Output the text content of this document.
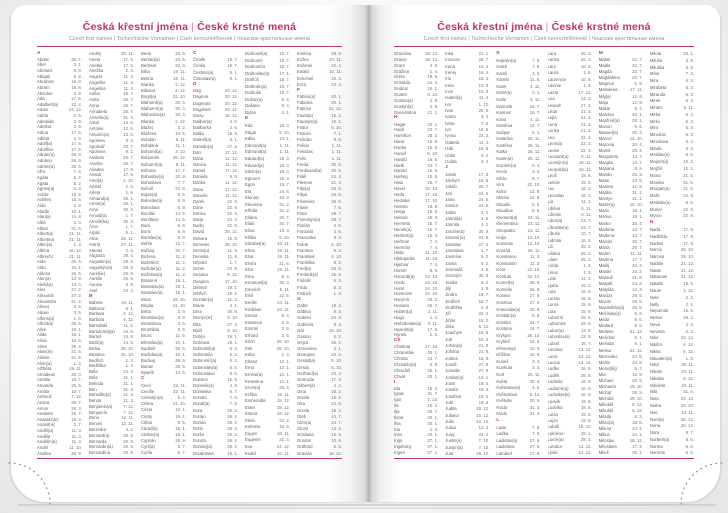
Česká křestní jména | České krstné mená
Czech first names | Tschechische Vornamen | Cseh keresztelőnevek | Чешские крестильные имена
A
Abdon	30. 7.
Ábel	2. 1.
Abelard	5. 8.
Abigail	5. 8.
Abraham	16. 8.
Abram	16. 8.
Absolon	2. 9.
Ada	17. 6.
Adalbert(a)	23. 4.
Adam	24. 12.
Adéla	2. 9.
Adelaida	2. 9.
Adelina	2. 9.
Adina	17. 6.
Adléta	2. 9.
Adolf(a)	17. 6.
Adolfína	17. 6.
Adrian(a)	26. 8.
Adriána	26. 6.
Adrien(a)	26. 6.
Afra	7. 8.
Agáta	5. 2.
Agata	5. 2.
Agnes(a)	2. 3.
Achác	15. 5.
Achiles	15. 5.
Aida	2. 9.
Aladár	10. 1.
Alan(a)	14. 8.
Alba	1. 3.
Alban	21. 6.
Albert(a)	21. 11.
Albertina	21. 11.
Albín(a)	1. 3.
Albína	16. 12.
Albrecht	21. 11.
Alda	26. 5.
Aldo	10. 1.
Aldona	26. 5.
Alen(a)	13. 8.
Aleš(ka)	13. 4.
Alex	27. 2.
Alexandr	27. 2.
Alexandra	21. 4.
Alexej	3. 5.
Alexie	3. 5.
Alfons(a)	1. 8.
Alfréd(a)	26. 5.
Alice	15. 1.
Alida	15. 1.
Alina	16. 6.
Alma	25. 4.
Alois(ie)	21. 6.
Aloisie	21. 6.
Alvín(a)	1. 3.
Alžběta	19. 11.
Amadeus	30. 3.
Amálie	10. 7.
Amanda	26. 5.
Amáta	10. 7.
Ambrož	7. 12.
Amina	26. 7.
Amos	28. 3.
Anabela	26. 7.
Anastáz(ie)	15. 4.
Anatol(ie)	3. 7.
Anděl(a)	11. 3.
Anděla	11. 3.
Andělín(a)	11. 3.
André	11. 10.
Andrea	26. 9.
Andrej	30. 11.
Aneta	17. 5.
Anetka	17. 5.
Anežka	2. 3.
Angela	11. 3.
Angelika	11. 3.
Angelina	11. 3.
Anika	26. 7.
Anita	26. 7.
Anna	26. 7.
Annabela	26. 7.
Anselm(a)	21. 4.
Antal	13. 6.
Antonie	12. 6.
Antonín(a)	13. 6.
Apolena	9. 2.
Apolinář	23. 7.
Apolonie	9. 2.
Arabela	26. 7.
Aranka	26. 7.
Ariadna	17. 9.
Ariana	17. 9.
Ariel(a)	1. 10.
Aristid	2. 5.
Arleta	1. 8.
Armand(a)	26. 1.
Armin(a)	26. 1.
Arne	30. 3.
Arnold(a)	1. 7.
Arnošt(ka)	30. 3.
Áron	1. 7.
Arpád	5. 1.
Artur	26. 11.
Astrid	27. 11.
Atanas	2. 5.
Augusta	29. 4.
Augustin(a)	28. 8.
Augustýn(a)	28. 8.
Aurel(ie)	25. 9.
Aurélie	25. 9.
Aurora	8. 9.
Axel	24. 3.
B
Babeta	19. 11.
Baltazar	6. 1.
Barbara	4. 12.
Barbora	4. 12.
Barnabáš	11. 6.
Bartoloměj(a)	24. 8.
Bartoš	24. 8.
Bazil(a)	14. 6.
Beáta	25. 10.
Beatrice	25. 10.
Bedřich	1. 3.
Bedřiška	1. 3.
Béla	23. 4.
Běla	21. 1.
Belinda	21. 1.
Ben	31. 3.
Benedikt(a)	21. 3.
Benita	21. 3.
Benjamin(a)	7. 12.
Benjamín	7. 12.
Beno	12. 11.
Benoni	12. 11.
Berenika	4. 2.
Bernard(a)	20. 8.
Bernarda	20. 8.
Bernardin(a)	20. 5.
Bernardina	20. 8.
Berta	23. 9.
Bertold(a)	23. 9.
Bertram	23. 9.
Běta	19. 11.
Betina	19. 11.
Bianka	2. 12.
Bibiana	2. 12.
Birgit(a)	21. 10.
Blahomil(a)	30. 4.
Blahomír(a)	30. 4.
Blahoslav(a)	30. 4.
Blanka	2. 12.
Blažej	3. 2.
Blažena	10. 5.
Bohdan	9. 11.
Bohdana	11. 1.
Bohumil(a)	3. 10.
Bohumila	28. 12.
Bohumír(a)	8. 11.
Bohuna	17. 7.
Bohuslav(a)	22. 8.
Bohuslava	7. 7.
Bohuš	22. 8.
Bojan(a)	5. 5.
Boleslav(a)	6. 9.
Boleslava	6. 9.
Bonifác	14. 5.
Bonifácie	14. 5.
Bora	5. 9.
Boris	5. 9.
Borislav(a)	5. 9.
Bořek	12. 7.
Bořivoj	30. 7.
Božena	11. 2.
Božetěch	11. 2.
Božidar(a)	11. 2.
Božislav(a)	11. 2.
Branimír	18. 1.
Branislav(a)	18. 1.
Bratislav(a)	18. 1.
Brian	28. 10.
Brigita	21. 10.
Britta	2. 9.
Bronislav(a)	3. 9.
Bronislava	3. 9.
Brunhilda	9. 6.
Bruno	11. 6.
Břetislav(a)	10. 1.
Budimír	26. 5.
Budislav(a)	10. 1.
Budivoj	26. 9.
Burian	26. 9.
Bystrík	14. 5.
C
Cecil	22. 11.
Cecílie	22. 11.
Celestýn(a)	6. 4.
Celina	21. 10.
Cézar	10. 1.
Cindy	16. 1.
Ctibor	9. 5.
Ctirad(a)	16. 1.
Ctislav(a)	16. 1.
Cyprián	26. 9.
Cyril(a)	5. 7.
Cyrila	5. 7.
Č
Čeněk	19. 7.
Čenka	19. 7.
Čestmír(a)	8. 1.
Čistoslav(a)	8. 1.
D
Dag	20. 12.
Dagmar	20. 12.
Dagmara	20. 12.
Dagobert	20. 12.
Daisy	16. 12.
Dalibor(a)	4. 6.
Daliborka	4. 6.
Dalila	15. 9.
Dalimil(a)	5. 1.
Damián(a)	27. 9.
Dan	17. 12.
Dana	11. 12.
Danica	11. 12.
Daniel	17. 12.
Daniela	9. 9.
Danka	11. 12.
Dano	17. 12.
Danuše	11. 12.
Darek	22. 9.
Dárie	22. 9.
Darina	22. 9.
Darja	10. 4.
Darko	22. 9.
David	30. 12.
Debora	15. 9.
Demeter	26. 10.
Denis(a)	11. 9.
Deniska	11. 9.
Děpold	1. 7.
Derek	22. 9.
Desana	9. 12.
Despina	17. 10.
Dětmar	19. 2.
Dětřich	19. 2.
Dezider(a)	11. 2.
Diana	4. 1.
Dina	26. 8.
Dionýz(ie)	9. 10.
Dita	27. 3.
Diviš	9. 10.
Dobra	19. 1.
Dobrava	19. 1.
Dobromil(a)	5. 2.
Dobromila	5. 2.
Dobromír(a)	5. 2.
Dobroslav(a)	5. 6.
Dobroslava	5. 6.
Dolores	15. 9.
Dominik(a)	4. 8.
Dominika	6. 7.
Donald	7. 8.
Donát(a)	7. 8.
Dora	26. 2.
Dorian	26. 2.
Dorina	26. 2.
Doris	26. 2.
Dorka	26. 2.
Dorota	26. 2.
Dorotej(a)	26. 2.
Doubravka	19. 1.
Drahomil(a)	18. 7.
Drahomír	18. 7.
Drahomíra	18. 7.
Drahoslav(a)	17. 1.
Drahoš	18. 7.
Drahotín(a)	18. 7.
Drahuše	18. 7.
Dušan(a)	9. 4.
Dušana	9. 4.
Dylan	4. 1.
E
Eda	18. 3.
Edgar	5. 10.
Edita	13. 1.
Edmond(a)	1. 11.
Edmund(a)	1. 11.
Eduard(a)	18. 3.
Edvard(a)	18. 3.
Edvin(a)	18. 3.
Egmont	18. 3.
Egon	15. 7.
Ela	24. 6.
Elen(a)	16. 3.
Eleonora	21. 2.
Elfrída	21. 2.
Eliana	20. 7.
Eliáš	20. 7.
Elina	16. 3.
Eliška	5. 10.
Elizabet(a)	19. 11.
Elma	19. 11.
Elsa	19. 11.
Elvíra	21. 6.
Elza	19. 11.
Ema	8. 4.
Emanuel(a)	26. 3.
Emerich	5. 11.
Emil	22. 5.
Emílie	24. 11.
Emiliána	24. 11.
Emma	8. 4.
Erasmus	2. 6.
Erazim	2. 6.
Erhard	2. 6.
Erich	26. 10.
Erik	26. 10.
Erika	2. 4.
Erland	12. 1.
Erna	12. 1.
Ernest(a)	12. 1.
Ernestina	12. 1.
Ervín(a)	26. 4.
Eržika	19. 11.
Esmeralda	19. 12.
Ester	19. 12.
Estera	19. 12.
Etela	22. 2.
Eufemie	16. 9.
Eugen	10. 11.
Eugenie	22. 4.
Eva	24. 12.
Evald	10. 11.
Evelína	29. 8.
Evžen	10. 11.
Evženie	22. 4.
Ewald	10. 11.
Ezechiel	10. 4.
Ezra	10. 4.
F
Fabián(a)	20. 1.
Fabiána	20. 1.
Fabrice	22. 12.
Faust(a)	15. 2.
Faustýn(a)	15. 2.
Fedor	5. 10.
Fedora	7. 1.
Felicián	9. 6.
Felicie	1. 11.
Felicitas	1. 11.
Felix	1. 11.
Ferda	30. 5.
Ferdinand(a)	30. 5.
Fidél	24. 4.
Filemon	21. 3.
Filip(a)	26. 5.
Filipa	26. 5.
Filoména	26. 5.
Flavie	7. 5.
Flora	29. 7.
Florentýn(a)	29. 7.
Florián	4. 5.
Fortunát	4. 5.
Franciska	9. 3.
Frank	4. 10.
Frantina	9. 3.
František	4. 10.
Františka	9. 3.
Fred(a)	26. 5.
Frederik(a)	26. 5.
Fridolín	6. 3.
Frída	6. 3.
Fridrich	1. 3.
G
Gabin	19. 2.
Gábina	8. 3.
Gabriel	24. 3.
Gabriela	8. 3.
Gál	16. 10.
Gaston	6. 2.
Gejza	25. 2.
Genovéva	3. 1.
Georgina	24. 4.
Gerald(a)	5. 10.
Gerda	5. 10.
Gerhard(a)	23. 4.
Gertruda	17. 3.
Gilbert(a)	4. 2.
Gina	18. 2.
Gisela	18. 2.
Gita	10. 6.
Gizela	18. 2.
Gleb	24. 7.
Glen(a)	24. 7.
Gloria	13. 2.
Gordana	10. 9.
Gordon	10. 9.
Gothard	5. 5.
Gracián	18. 12.
Česká křestní jména | České krstné mená
Czech first names | Tschechische Vornamen | Cseh keresztelőnevek | Чешские крестильные имена
Graciána	18. 12.
Grácie	18. 12.
Grant	4. 9.
Gražina	1. 4.
Gréta	18. 6.
Griselda	24. 3.
Gudrun	15. 1.
Gunter	9. 10.
Gustav(a)	2. 8.
Gustýn(a)	2. 8.
Gvendolína	21. 1.
H
Hagar	20. 1.
Haidi	23. 7.
Hamilton	28. 2.
Hana	15. 8.
Hanka	15. 8.
Hanuš	6. 10.
Harald	15. 5.
Hardi	23. 7.
Harold	15. 5.
Hartvig	15. 5.
Hata	26. 7.
Havel	16. 10.
Heda	17. 10.
Hedvika	17. 10.
Helena	18. 8.
Helga	18. 8.
Helmut	26. 3.
Henrieta	15. 7.
Henrik(a)	15. 7.
Herbert(a)	16. 3.
Heřman	7. 4.
Hermína	7. 4.
Hilda	11. 10.
Hildegarda	11. 10.
Hjalmar	7. 4.
Homér	8. 9.
Honorát(a)	24. 10.
Horác	24. 10.
Horst	24. 10.
Hortenzie	24. 10.
Horymír	29. 2.
Hosana	26. 7.
Hubert(a)	3. 11.
Hugo	1. 4.
Hvězdoslav(a)	3. 11.
Hyacint(a)	17. 8.
Hynek	1. 2.
Ch
Charlota	27. 10.
Chranislav	25. 1.
Christa	24. 7.
Christián(a)	5. 8.
Chrudoš	25. 1.
Chval	25. 1.
I
Ida	15. 3.
Ignác	31. 7.
Igor	1. 10.
Ila	15. 3.
Ilja	20. 7.
Ilona	20. 1.
Ilsa	20. 1.
Ina	1. 3.
Ines	20. 1.
Inga	27. 1.
Ingeborg	27. 1.
Ingrid	27. 1.
Inka	21. 1.
Inocenc	28. 7.
Irena	16. 4.
Irenej	16. 4.
Iris	16. 4.
Irma	10. 9.
Irvin	10. 9.
Isabel(a)	11. 4.
Iva	1. 12.
Ivan	25. 6.
Ivana	4. 4.
Iveta	7. 6.
Ivo	19. 5.
Ivona	23. 3.
Izabela	11. 4.
Izák	16. 8.
Izidor	4. 4.
Izolda	4. 4.
J
Jacek	17. 8.
Jáchym	16. 8.
Jakub	25. 7.
Jan	24. 6.
Jana	24. 5.
Janina	24. 5.
Jarka	4. 2.
Jarmil(a)	2. 6.
Jarmila	4. 2.
Jarolím(a)	30. 9.
Jaromír(a)	24. 9.
Jaroslav	27. 4.
Jaroslava	1. 7.
Jasmína	6. 2.
Jasna	6. 2.
Jeremiáš	1. 5.
Jeroným	30. 9.
Jesika	6. 2.
Jiljí	1. 9.
Jindra	15. 7.
Jindřich	15. 7.
Jindřiška	4. 9.
Jiří	24. 4.
Jiřina	15. 2.
Jitka	5. 12.
Joachym	16. 8.
Job	10. 5.
Johan(a)	21. 8.
Johana	21. 8.
Jolana	15. 9.
Jonáš	27. 9.
Jonatán	27. 9.
Jordan(a)	13. 1.
Josef	19. 3.
Josefa	19. 3.
Josefína	19. 3.
Jošt	19. 3.
Judita	29. 12.
Juliana	10. 12.
Julie	10. 12.
Julius	12. 4.
Juraj	24. 4.
Justin(a)	7. 10.
Justýn(a)	7. 10.
Juta	29. 12.
K
Kajetán(a)	7. 8.
Kaleb	7. 8.
Kamil	3. 3.
Kamila	31. 5.
Karel	4. 11.
Karin(a)	2. 1.
Karla	4. 11.
Karmela	16. 7.
Karmen	16. 7.
Karol	4. 11.
Karolína	14. 7.
Kašpar	6. 1.
Katarína	25. 11.
Kateřina	25. 11.
Katka	25. 11.
Katrin(a)	25. 11.
Kazimír(a)	5. 3.
Kevin	3. 6.
Kilián	8. 7.
Kira	22. 10.
Klára	12. 8.
Klarisa	12. 8.
Klaudie	5. 5.
Klaudius	5. 5.
Klement(a)	23. 11.
Klementina	23. 11.
Kleopatra	23. 11.
Kolja	13. 10.
Koloman	13. 10.
Konrád	26. 11.
Konstance	11. 3.
Konstantin	11. 3.
Kora	22. 10.
Kordula	22. 10.
Kornel(a)	26. 9.
Kornélie	26. 9.
Kosma	27. 9.
Kosmas	27. 9.
Krasoslav(a)	18. 9.
Kristián(a)	5. 8.
Kristina	24. 7.
Kristýna	24. 7.
Kryšpín	25. 10.
Kryštof	18. 9.
Křesomysl	18. 9.
Křišťan	18. 9.
Kuneš	3. 3.
Kunhuta	3. 3.
Kurt	26. 11.
Květa	20. 6.
Květoslav(a)	4. 5.
Květoslava	8. 12.
Květuše	20. 6.
Kvida	31. 3.
Kvido	31. 3.
L
Lada	7. 8.
Laďka	7. 8.
Ladislav(a)	27. 6.
Ladislava	27. 6.
Lambert	17. 9.
Lara	26. 3.
Larisa	26. 3.
Lars	10. 8.
Laura	1. 6.
Laurencie	10. 8.
Lavinie	1. 6.
Lazar	17. 12.
Lea	14. 3.
Leandr	27. 2.
Léda	21. 2.
Lejla	21. 2.
Lena	21. 2.
Lenka	21. 2.
Leo	22. 2.
Leon(a)	22. 3.
Leona	22. 3.
Leonard(a)	6. 11.
Leontýn(a)	15. 11.
Leopold(a)	15. 11.
Leoš	19. 6.
Leticie	19. 6.
Lev	18. 2.
Levoslav	18. 2.
Lia	14. 3.
Liběna	6. 11.
Liberát	6. 11.
Libor(a)	23. 7.
Liboslav(a)	23. 7.
Libuše	10. 7.
Lidmila	16. 9.
Lili	25. 2.
Liliana	25. 2.
Lilien	25. 2.
Linda	1. 9.
Linus	1. 9.
Livie	11. 4.
Ljuba	16. 2.
Lola	15. 9.
Loreta	15. 9.
Lorna	15. 9.
Lota	15. 9.
Lubomír	28. 6.
Lubomíra	28. 6.
Lubor(a)	13. 9.
Luboslav(a)	13. 9.
Luboš	16. 7.
Luciána	13. 12.
Lucie	13. 12.
Lucius	13. 12.
Luďka	26. 8.
Luděk	26. 8.
Ludmila	16. 9.
Ludomír(a)	16. 9.
Ludoslav(a)	16. 9.
Ludvík	19. 8.
Ludvíka	19. 8.
Luisa	19. 8.
Lujza	19. 8.
Lukáš	18. 10.
Lukrécie	28. 1.
Lumír(a)	28. 2.
Lutobor	14. 12.
Lýdie	14. 12.
M
Mabel	22. 7.
Madla	22. 7.
Magda	22. 7.
Magdaléna	22. 7.
Magnus	6. 9.
Mahulena	17. 11.
Máj(a)	12. 9.
Maja	12. 9.
Makar	8. 4.
Malvína	23. 1.
Manfréd(a)	28. 1.
Manon	9. 6.
Manuel(a)	26. 3.
Marcel	12. 10.
Marcela	20. 4.
Marek	25. 4.
Margareta	13. 7.
Margita	13. 7.
Mariana	8. 9.
Marián	25. 3.
Marie	12. 9.
Marieta	12. 9.
Marika	31. 1.
Marilyn	31. 1.
Marin(a)	10. 10.
Mario	19. 1.
Marius	19. 1.
Marko	25. 4.
Markéta	13. 7.
Marlena	13. 7.
Marold	29. 7.
Marta	29. 7.
Martin	11. 11.
Martina	17. 7.
Matěj	24. 2.
Matias	24. 2.
Matouš	21. 9.
Matyáš	24. 2.
Matylda	14. 3.
Max(a)	29. 5.
Maxim	29. 5.
Maximilián(a)	29. 5.
Mečislav(a)	8. 6.
Méda	8. 6.
Medard	8. 6.
Melánie	31. 12.
Melichar	6. 1.
Melinda	6. 1.
Melisa	31. 12.
Mercedes	24. 9.
Merlin	24. 9.
Metod(ěj)	5. 7.
Mia	12. 9.
Michael	29. 9.
Michaela	19. 10.
Michal	29. 9.
Michala	19. 10.
Mikoláš	6. 12.
Mikuláš	6. 12.
Milada	8. 2.
Milan(a)	18. 6.
Milena	24. 1.
Milica	24. 1.
Miloslav	18. 12.
Miloslava	17. 2.
Miloš	25. 1.
Milota	25. 1.
Miluše	3. 8.
Miluška	3. 8.
Mína	7. 4.
Mira	6. 3.
Mirabela	6. 3.
Miranda	6. 3.
Mirek	6. 3.
Miriam	5. 11.
Mirka	6. 3.
Mirko	6. 3.
Miro	6. 3.
Miroslav	6. 3.
Miroslava	5. 4.
Mlada	8. 2.
Mnislav(a)	9. 5.
Mojmír(a)	10. 2.
Mojžíš	10. 2.
Mona	21. 5.
Monika	21. 5.
Morgan(a)	21. 5.
Mořic	22. 9.
Mstislav(a)	9. 5.
Muriel	22. 9.
Myron	22. 9.
N
Naďa	17. 9.
Naděžda	17. 9.
Nadina	17. 9.
Narcis	29. 10.
Narcisa	29. 10.
Natálie	21. 12.
Natan	21. 12.
Natanael	21. 12.
Nataša	18. 5.
Naum	1. 12.
Nela	2. 2.
Nelly	2. 2.
Nepomuk	16. 5.
Nestor	26. 2.
Neva	2. 2.
Nevena	2. 2.
Nika	23. 12.
Nikifor	6. 12.
Nikita	6. 12.
Nikodém(a)	1. 6.
Nikol	20. 11.
Nikola	20. 11.
Nikolas	6. 12.
Nikoleta	20. 11.
Nila	31. 5.
Nina	24. 10.
Nioba	24. 10.
Noe	10. 11.
Noel(a)	25. 12.
Nona	25. 12.
Nora	8. 7.
Norbert(a)	6. 6.
Norma	6. 6.
Norman	6. 6.
